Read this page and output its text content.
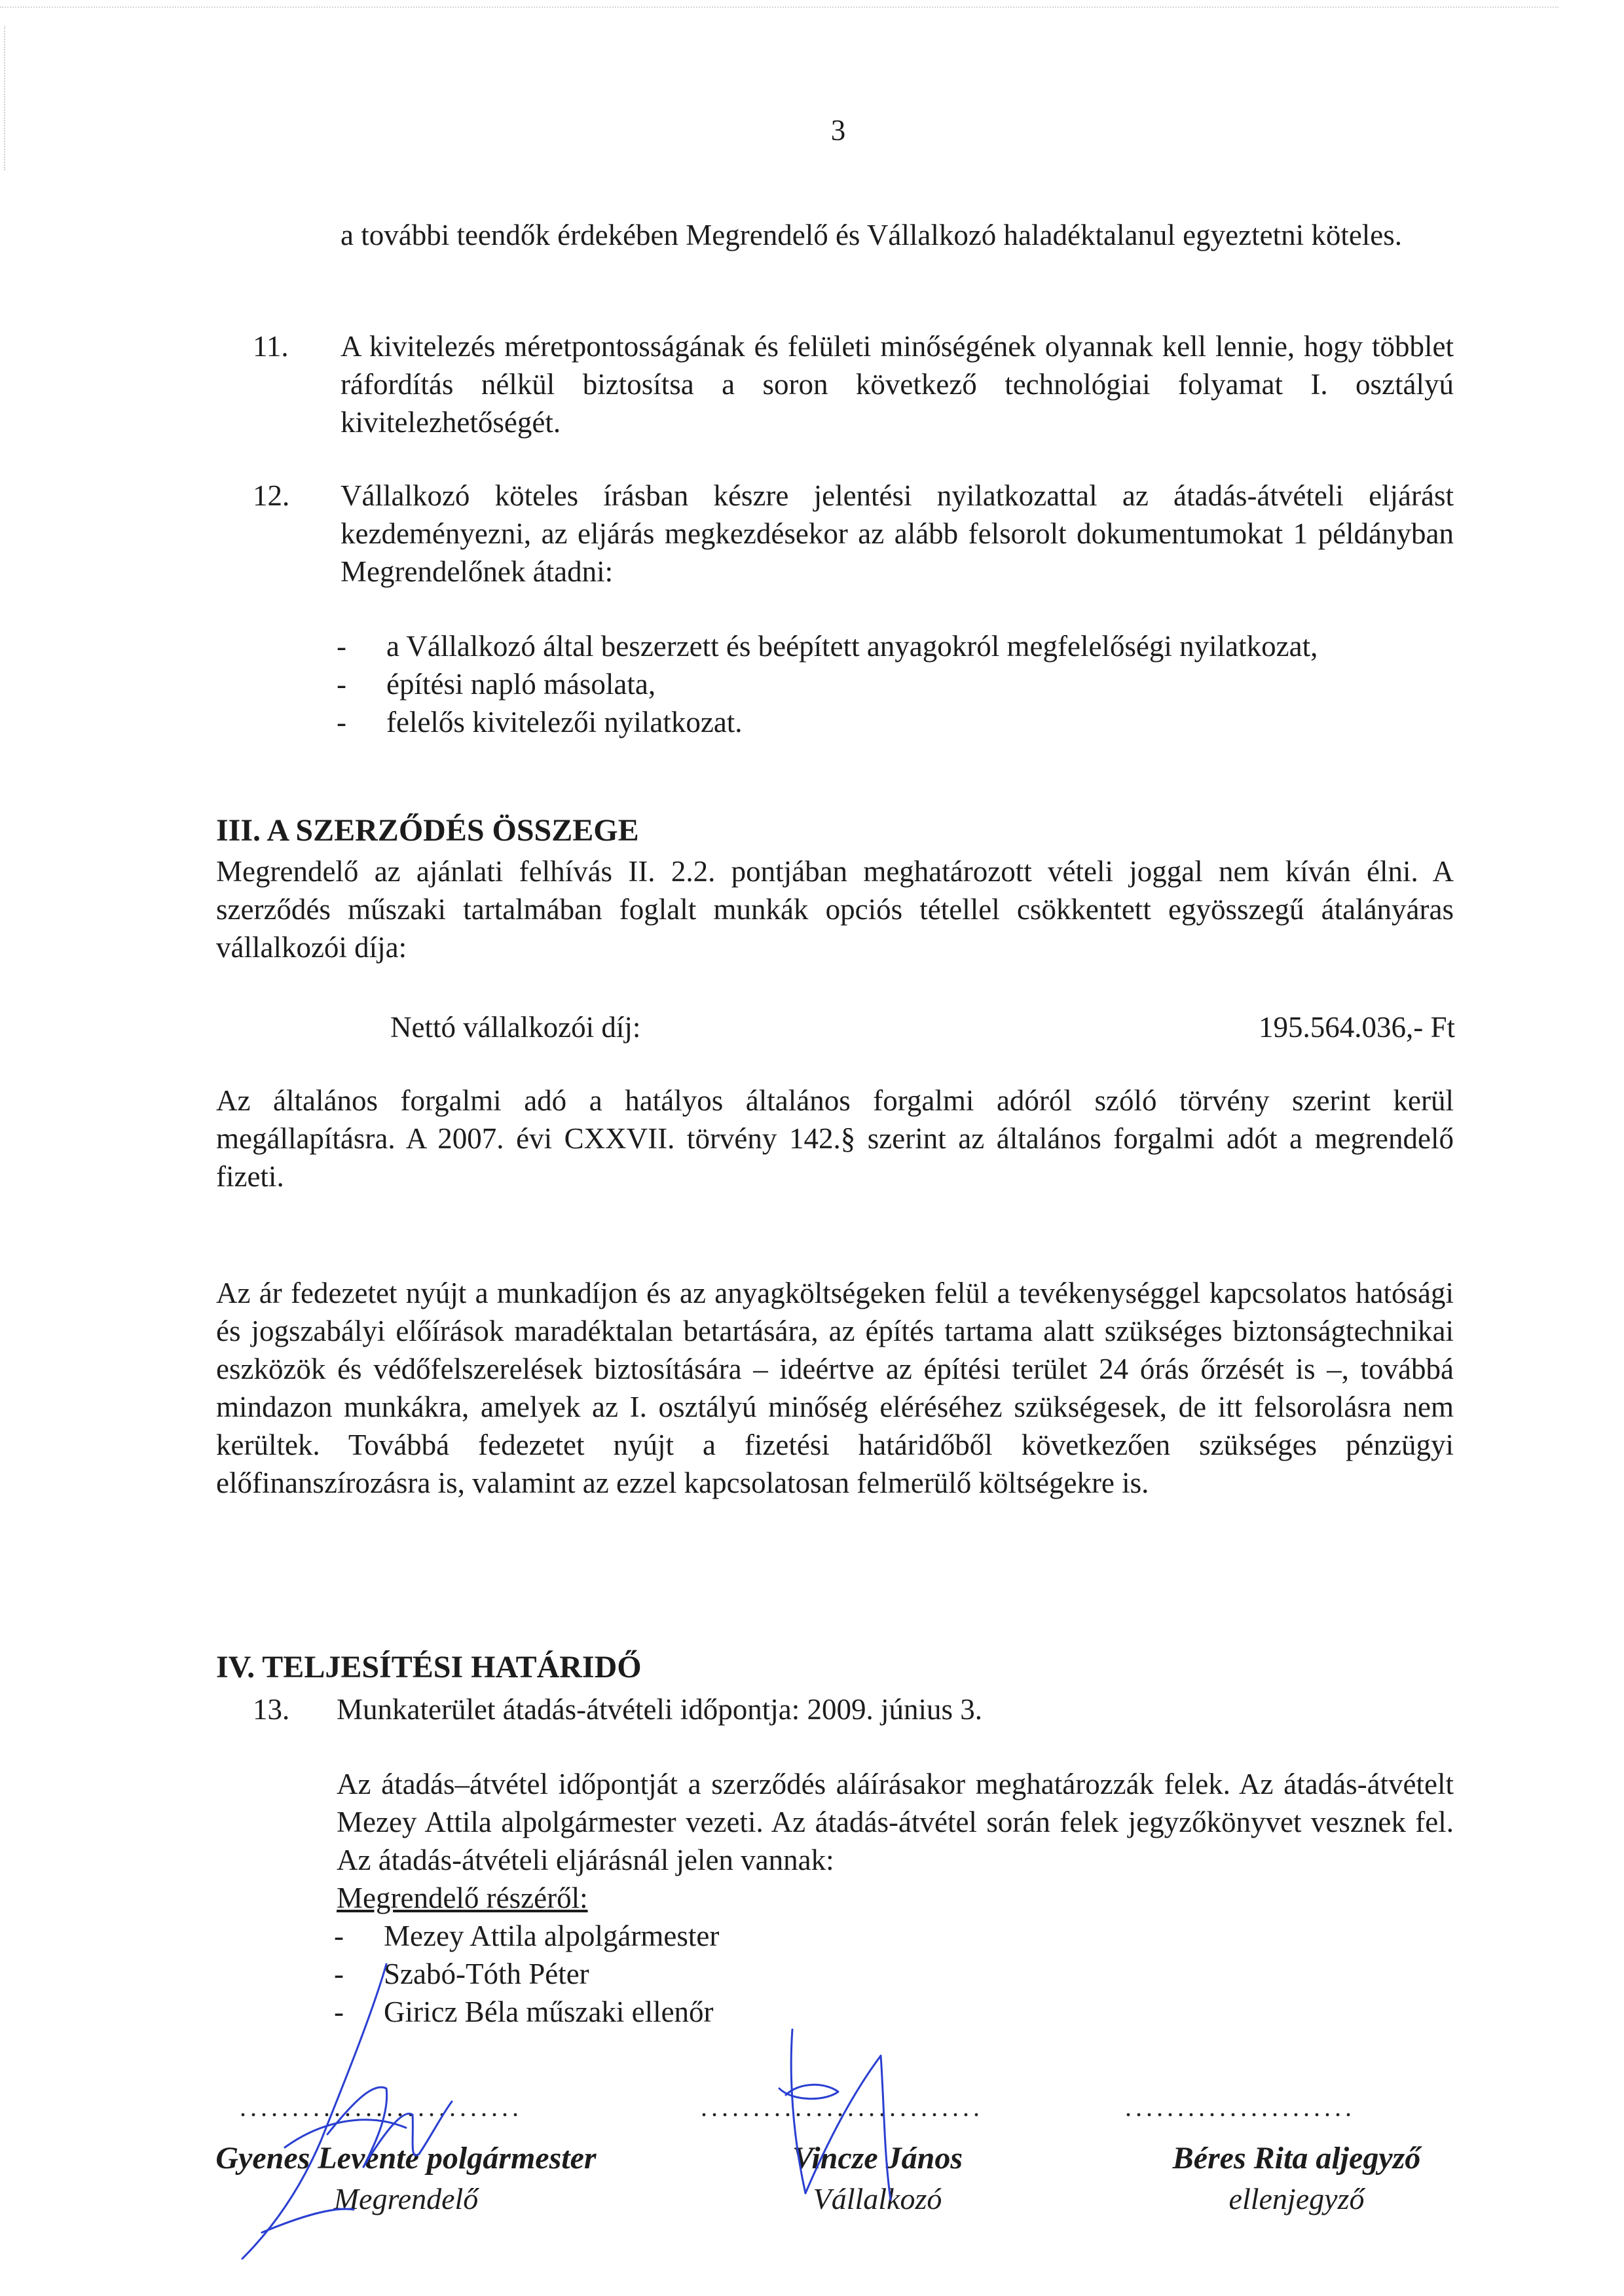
3

a további teendők érdekében Megrendelő és Vállalkozó haladéktalanul egyeztetni köteles.

11. A kivitelezés méretpontosságának és felületi minőségének olyannak kell lennie, hogy többlet ráfordítás nélkül biztosítsa a soron következő technológiai folyamat I. osztályú kivitelezhetőségét.

12. Vállalkozó köteles írásban készre jelentési nyilatkozattal az átadás-átvételi eljárást kezdeményezni, az eljárás megkezdésekor az alább felsorolt dokumentumokat 1 példányban Megrendelőnek átadni:

- a Vállalkozó által beszerzett és beépített anyagokról megfelelőségi nyilatkozat,
- építési napló másolata,
- felelős kivitelezői nyilatkozat.
III. A SZERZŐDÉS ÖSSZEGE

Megrendelő az ajánlati felhívás II. 2.2. pontjában meghatározott vételi joggal nem kíván élni. A szerződés műszaki tartalmában foglalt munkák opciós tétellel csökkentett egyösszegű átalányáras vállalkozói díja:

Nettó vállalkozói díj:	195.564.036,- Ft

Az általános forgalmi adó a hatályos általános forgalmi adóról szóló törvény szerint kerül megállapításra. A 2007. évi CXXVII. törvény 142.§ szerint az általános forgalmi adót a megrendelő fizeti.

Az ár fedezetet nyújt a munkadíjon és az anyagköltségeken felül a tevékenységgel kapcsolatos hatósági és jogszabályi előírások maradéktalan betartására, az építés tartama alatt szükséges biztonságtechnikai eszközök és védőfelszerelések biztosítására – ideértve az építési terület 24 órás őrzését is –, továbbá mindazon munkákra, amelyek az I. osztályú minőség eléréséhez szükségesek, de itt felsorolásra nem kerültek. Továbbá fedezetet nyújt a fizetési határidőből következően szükséges pénzügyi előfinanszírozásra is, valamint az ezzel kapcsolatosan felmerülő költségekre is.

IV. TELJESÍTÉSI HATÁRIDŐ
13. Munkaterület átadás-átvételi időpontja: 2009. június 3.

Az átadás–átvétel időpontját a szerződés aláírásakor meghatározzák felek. Az átadás-átvételt Mezey Attila alpolgármester vezeti. Az átadás-átvétel során felek jegyzőkönyvet vesznek fel. Az átadás-átvételi eljárásnál jelen vannak:

Megrendelő részéről:
- Mezey Attila alpolgármester
- Szabó-Tóth Péter
- Giricz Béla műszaki ellenőr
...........................	...........................	......................
Gyenes Levente polgármester
Megrendelő
Vincze János
Vállalkozó
Béres Rita aljegyző
ellenjegyző
